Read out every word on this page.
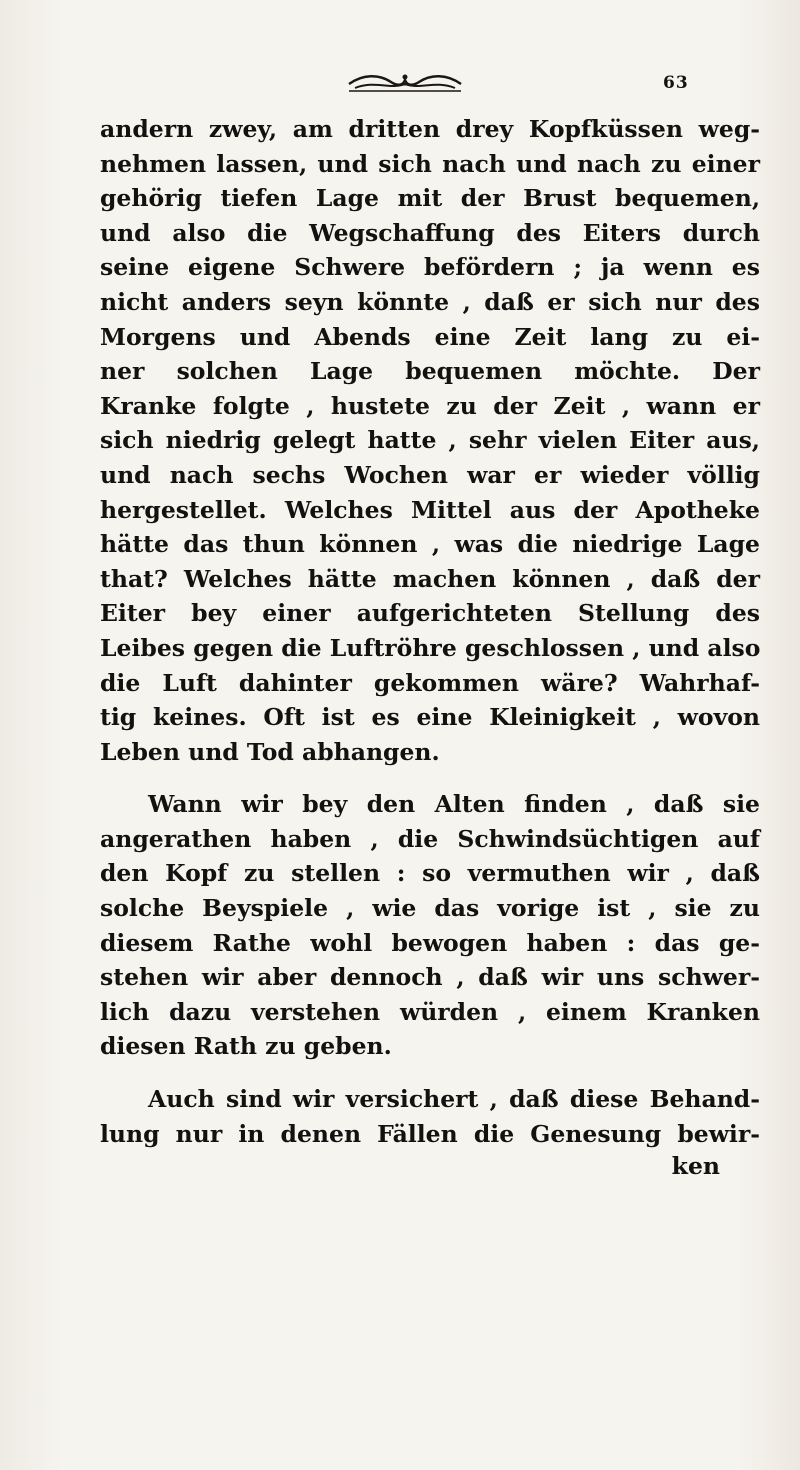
63
andern zwey, am dritten drey Kopfküssen weg-
nehmen lassen, und sich nach und nach zu einer
gehörig tiefen Lage mit der Brust bequemen,
und also die Wegschaffung des Eiters durch
seine eigene Schwere befördern ; ja wenn es
nicht anders seyn könnte , daß er sich nur des
Morgens und Abends eine Zeit lang zu ei-
ner solchen Lage bequemen möchte. Der
Kranke folgte , hustete zu der Zeit , wann er
sich niedrig gelegt hatte , sehr vielen Eiter aus,
und nach sechs Wochen war er wieder völlig
hergestellet. Welches Mittel aus der Apotheke
hätte das thun können , was die niedrige Lage
that? Welches hätte machen können , daß der
Eiter bey einer aufgerichteten Stellung des
Leibes gegen die Luftröhre geschlossen , und also
die Luft dahinter gekommen wäre? Wahrhaf-
tig keines. Oft ist es eine Kleinigkeit , wovon
Leben und Tod abhangen.
Wann wir bey den Alten finden , daß sie
angerathen haben , die Schwindsüchtigen auf
den Kopf zu stellen : so vermuthen wir , daß
solche Beyspiele , wie das vorige ist , sie zu
diesem Rathe wohl bewogen haben : das ge-
stehen wir aber dennoch , daß wir uns schwer-
lich dazu verstehen würden , einem Kranken
diesen Rath zu geben.
Auch sind wir versichert , daß diese Behand-
lung nur in denen Fällen die Genesung bewir-
ken
